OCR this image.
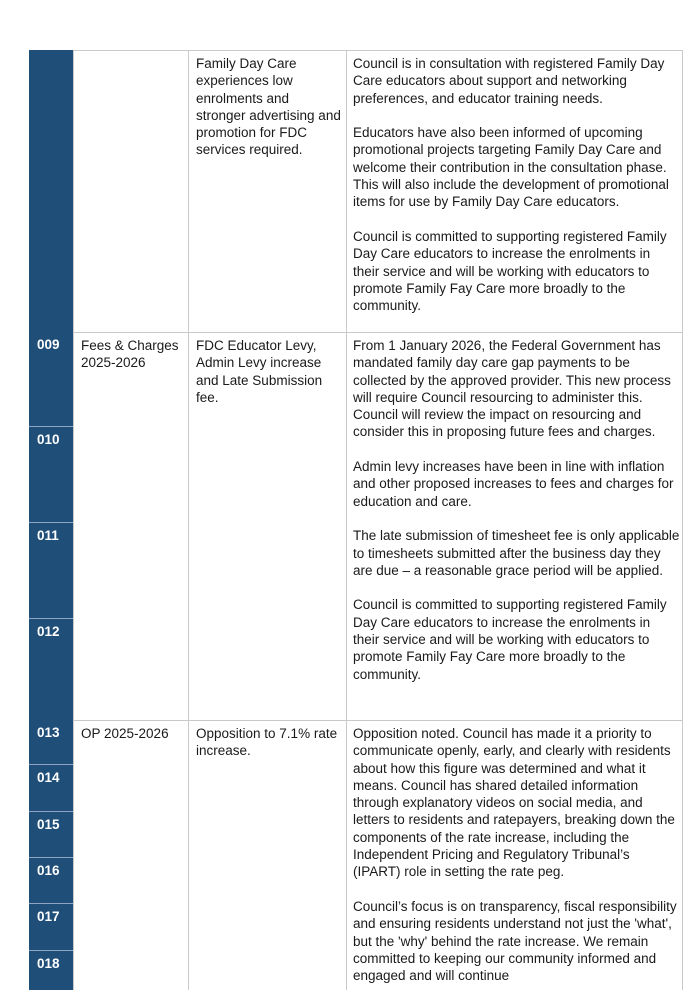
Family Day Care experiences low enrolments and stronger advertising and promotion for FDC services required.

Council is in consultation with registered Family Day Care educators about support and networking preferences, and educator training needs.

Educators have also been informed of upcoming promotional projects targeting Family Day Care and welcome their contribution in the consultation phase. This will also include the development of promotional items for use by Family Day Care educators.

Council is committed to supporting registered Family Day Care educators to increase the enrolments in their service and will be working with educators to promote Family Fay Care more broadly to the community.

009
010
011
012
Fees & Charges 2025-2026
FDC Educator Levy, Admin Levy increase and Late Submission fee.

From 1 January 2026, the Federal Government has mandated family day care gap payments to be collected by the approved provider. This new process will require Council resourcing to administer this. Council will review the impact on resourcing and consider this in proposing future fees and charges.

Admin levy increases have been in line with inflation and other proposed increases to fees and charges for education and care.

The late submission of timesheet fee is only applicable to timesheets submitted after the business day they are due – a reasonable grace period will be applied.

Council is committed to supporting registered Family Day Care educators to increase the enrolments in their service and will be working with educators to promote Family Fay Care more broadly to the community.

013
014
015
016
017
018
OP 2025-2026	Opposition to 7.1% rate increase.

Opposition noted. Council has made it a priority to communicate openly, early, and clearly with residents about how this figure was determined and what it means. Council has shared detailed information through explanatory videos on social media, and letters to residents and ratepayers, breaking down the components of the rate increase, including the Independent Pricing and Regulatory Tribunal’s (IPART) role in setting the rate peg.

Council’s focus is on transparency, fiscal responsibility and ensuring residents understand not just the 'what', but the 'why' behind the rate increase. We remain committed to keeping our community informed and engaged and will continue
